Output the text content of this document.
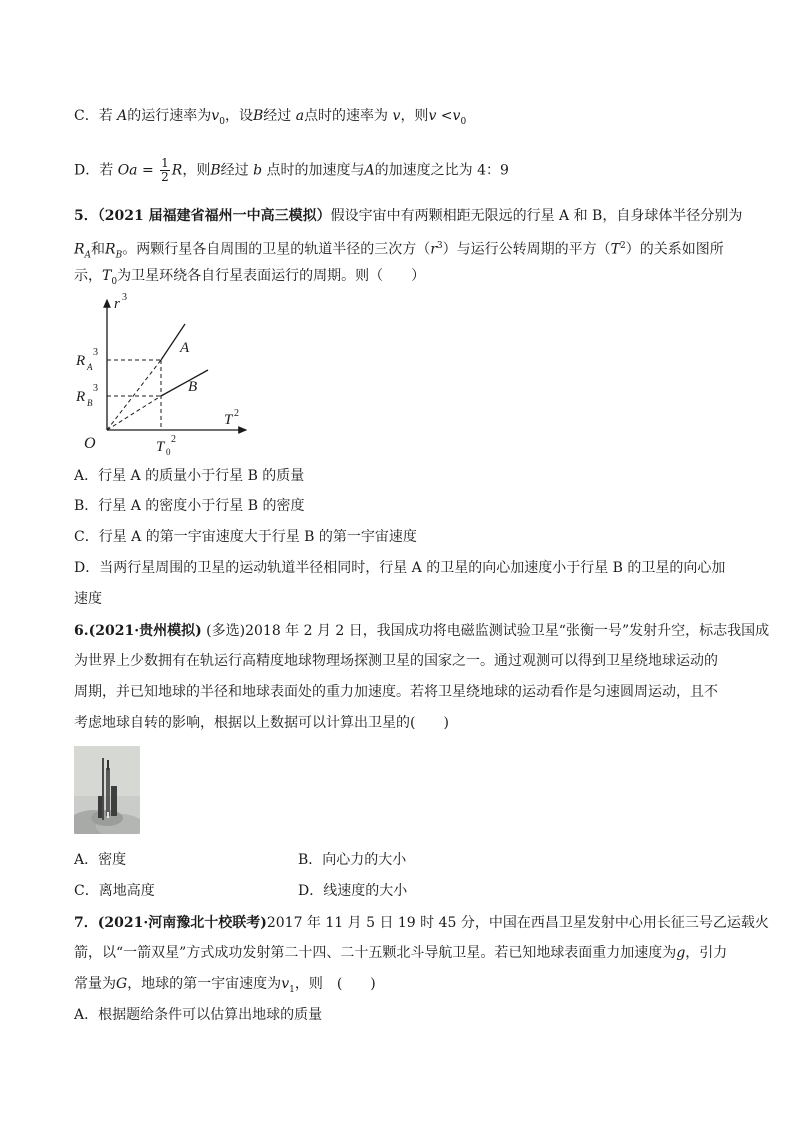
C．若 A的运行速率为$v_0$，设B经过 a点时的速率为 v，则$v <v_0$
D．若 $Oa = \frac{1}{2}$ R，则B经过 b 点时的加速度与A的加速度之比为 4：9
5．（2021 届福建省福州一中高三模拟）假设宇宙中有两颗相距无限远的行星 A 和 B，自身球体半径分别为
$R_A$和$R_B$。两颗行星各自周围的卫星的轨道半径的三次方$(r^3)$与运行公转周期的平方$(T^2)$的关系如图所
示，$T_0$为卫星环绕各自行星表面运行的周期。则（　　）
r 3
T 2
O
A
B
R A
3
R B
3
T 0
2
A．行星 A 的质量小于行星 B 的质量
B．行星 A 的密度小于行星 B 的密度
C．行星 A 的第一宇宙速度大于行星 B 的第一宇宙速度
D．当两行星周围的卫星的运动轨道半径相同时，行星 A 的卫星的向心加速度小于行星 B 的卫星的向心加
速度
6.(2021·贵州模拟) (多选)2018 年 2 月 2 日，我国成功将电磁监测试验卫星“张衡一号”发射升空，标志我国成
为世界上少数拥有在轨运行高精度地球物理场探测卫星的国家之一。通过观测可以得到卫星绕地球运动的
周期，并已知地球的半径和地球表面处的重力加速度。若将卫星绕地球的运动看作是匀速圆周运动，且不
考虑地球自转的影响，根据以上数据可以计算出卫星的(　　)
A．密度	B．向心力的大小
C．离地高度	D．线速度的大小
7．(2021·河南豫北十校联考)2017 年 11 月 5 日 19 时 45 分，中国在西昌卫星发射中心用长征三号乙运载火
箭，以“一箭双星”方式成功发射第二十四、二十五颗北斗导航卫星。若已知地球表面重力加速度为g，引力
常量为G，地球的第一宇宙速度为$v_1$，则　(　　)
A．根据题给条件可以估算出地球的质量
